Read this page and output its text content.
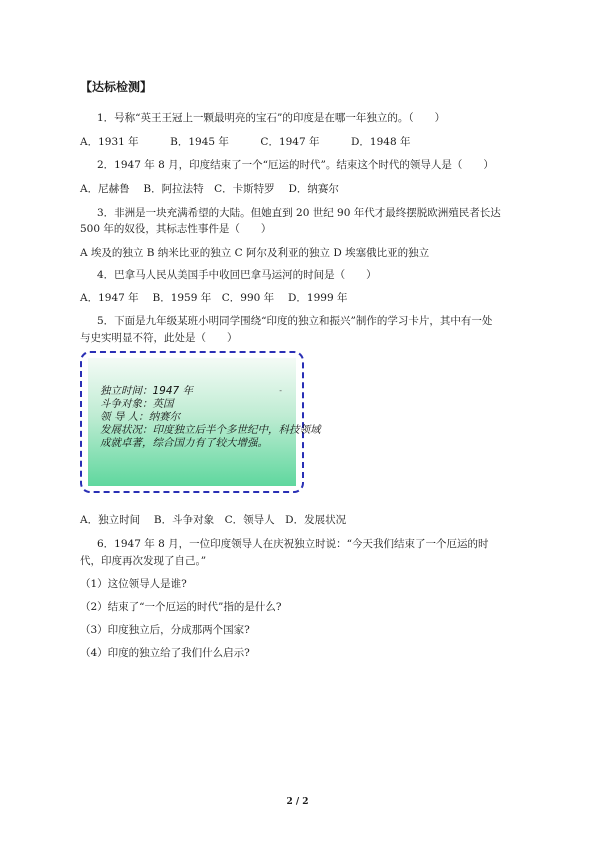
【达标检测】
1．号称“英王王冠上一颗最明亮的宝石”的印度是在哪一年独立的。（　　）
A．1931 年　　　B．1945 年　　　C．1947 年　　　D．1948 年
2．1947 年 8 月，印度结束了一个“厄运的时代”。结束这个时代的领导人是（　　）
A．尼赫鲁　 B．阿拉法特　C．卡斯特罗　 D．纳赛尔
3．非洲是一块充满希望的大陆。但她直到 20 世纪 90 年代才最终摆脱欧洲殖民者长达
500 年的奴役，其标志性事件是（　　）
A 埃及的独立 B 纳米比亚的独立 C 阿尔及利亚的独立 D 埃塞俄比亚的独立
4．巴拿马人民从美国手中收回巴拿马运河的时间是（　　）
A．1947 年　 B．1959 年　C．990 年　 D．1999 年
5．下面是九年级某班小明同学围绕“印度的独立和振兴”制作的学习卡片，其中有一处
与史实明显不符，此处是（　　）
-
独立时间：1947 年
斗争对象：英国
领 导 人：纳赛尔
发展状况：印度独立后半个多世纪中，科技领域
成就卓著，综合国力有了较大增强。
A．独立时间　 B．斗争对象　C．领导人　D．发展状况
6．1947 年 8 月，一位印度领导人在庆祝独立时说：“今天我们结束了一个厄运的时
代，印度再次发现了自己。”
（1）这位领导人是谁?
（2）结束了“一个厄运的时代”指的是什么?
（3）印度独立后，分成那两个国家?
（4）印度的独立给了我们什么启示?
2 / 2
